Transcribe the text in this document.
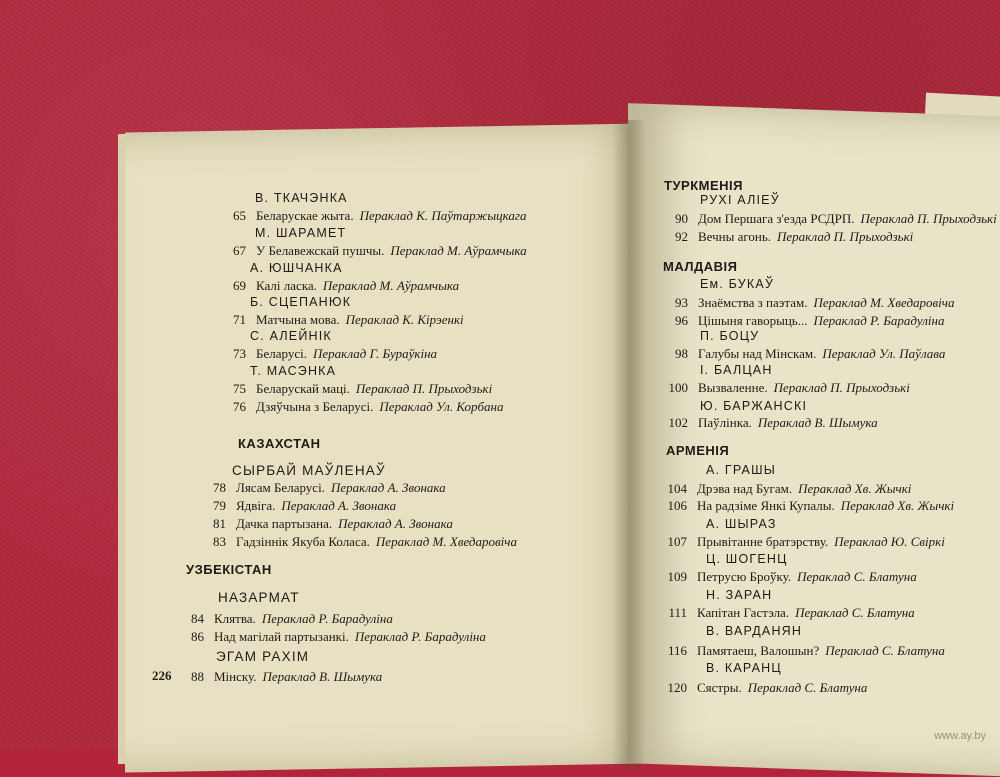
В. ТКАЧЭНКА
65 Беларускае жыта. Пераклад К. Паўтаржыцкага
М. ШАРАМЕТ
67 У Белавежскай пушчы. Пераклад М. Аўрамчыка
А. ЮШЧАНКА
69 Калі ласка. Пераклад М. Аўрамчыка
Б. СЦЕПАНЮК
71 Матчына мова. Пераклад К. Кірэенкі
С. АЛЕЙНІК
73 Беларусі. Пераклад Г. Бураўкіна
Т. МАСЭНКА
75 Беларускай маці. Пераклад П. Прыходзькі
76 Дзяўчына з Беларусі. Пераклад Ул. Корбана
КАЗАХСТАН
СЫРБАЙ МАЎЛЕНАЎ
78 Лясам Беларусі. Пераклад А. Звонака
79 Ядвіга. Пераклад А. Звонака
81 Дачка партызана. Пераклад А. Звонака
83 Гадзіннік Якуба Коласа. Пераклад М. Хведаровіча
УЗБЕКІСТАН
НАЗАРМАТ
84 Клятва. Пераклад Р. Барадуліна
86 Над магілай партызанкі. Пераклад Р. Барадуліна
ЭГАМ РАХІМ
226	88 Мінску. Пераклад В. Шымука
ТУРКМЕНІЯ
РУХІ АЛІЕЎ
90 Дом Першага з'езда РСДРП. Пераклад П. Прыходзькі
92 Вечны агонь. Пераклад П. Прыходзькі
МАЛДАВІЯ
Ем. БУКАЎ
93 Знаёмства з паэтам. Пераклад М. Хведаровіча
96 Цішыня гаворыць... Пераклад Р. Барадуліна
П. БОЦУ
98 Галубы над Мінскам. Пераклад Ул. Паўлава
І. БАЛЦАН
100 Вызваленне. Пераклад П. Прыходзькі
Ю. БАРЖАНСКІ
102 Паўлінка. Пераклад В. Шымука
АРМЕНІЯ
А. ГРАШЫ
104 Дрэва над Бугам. Пераклад Хв. Жычкі
106 На радзіме Янкі Купалы. Пераклад Хв. Жычкі
А. ШЫРАЗ
107 Прывітанне братэрству. Пераклад Ю. Свіркі
Ц. ШОГЕНЦ
109 Петрусю Броўку. Пераклад С. Блатуна
Н. ЗАРАН
111 Капітан Гастэла. Пераклад С. Блатуна
В. ВАРДАНЯН
116 Памятаеш, Валошын? Пераклад С. Блатуна
В. КАРАНЦ
120 Сястры. Пераклад С. Блатуна
www.ay.by
